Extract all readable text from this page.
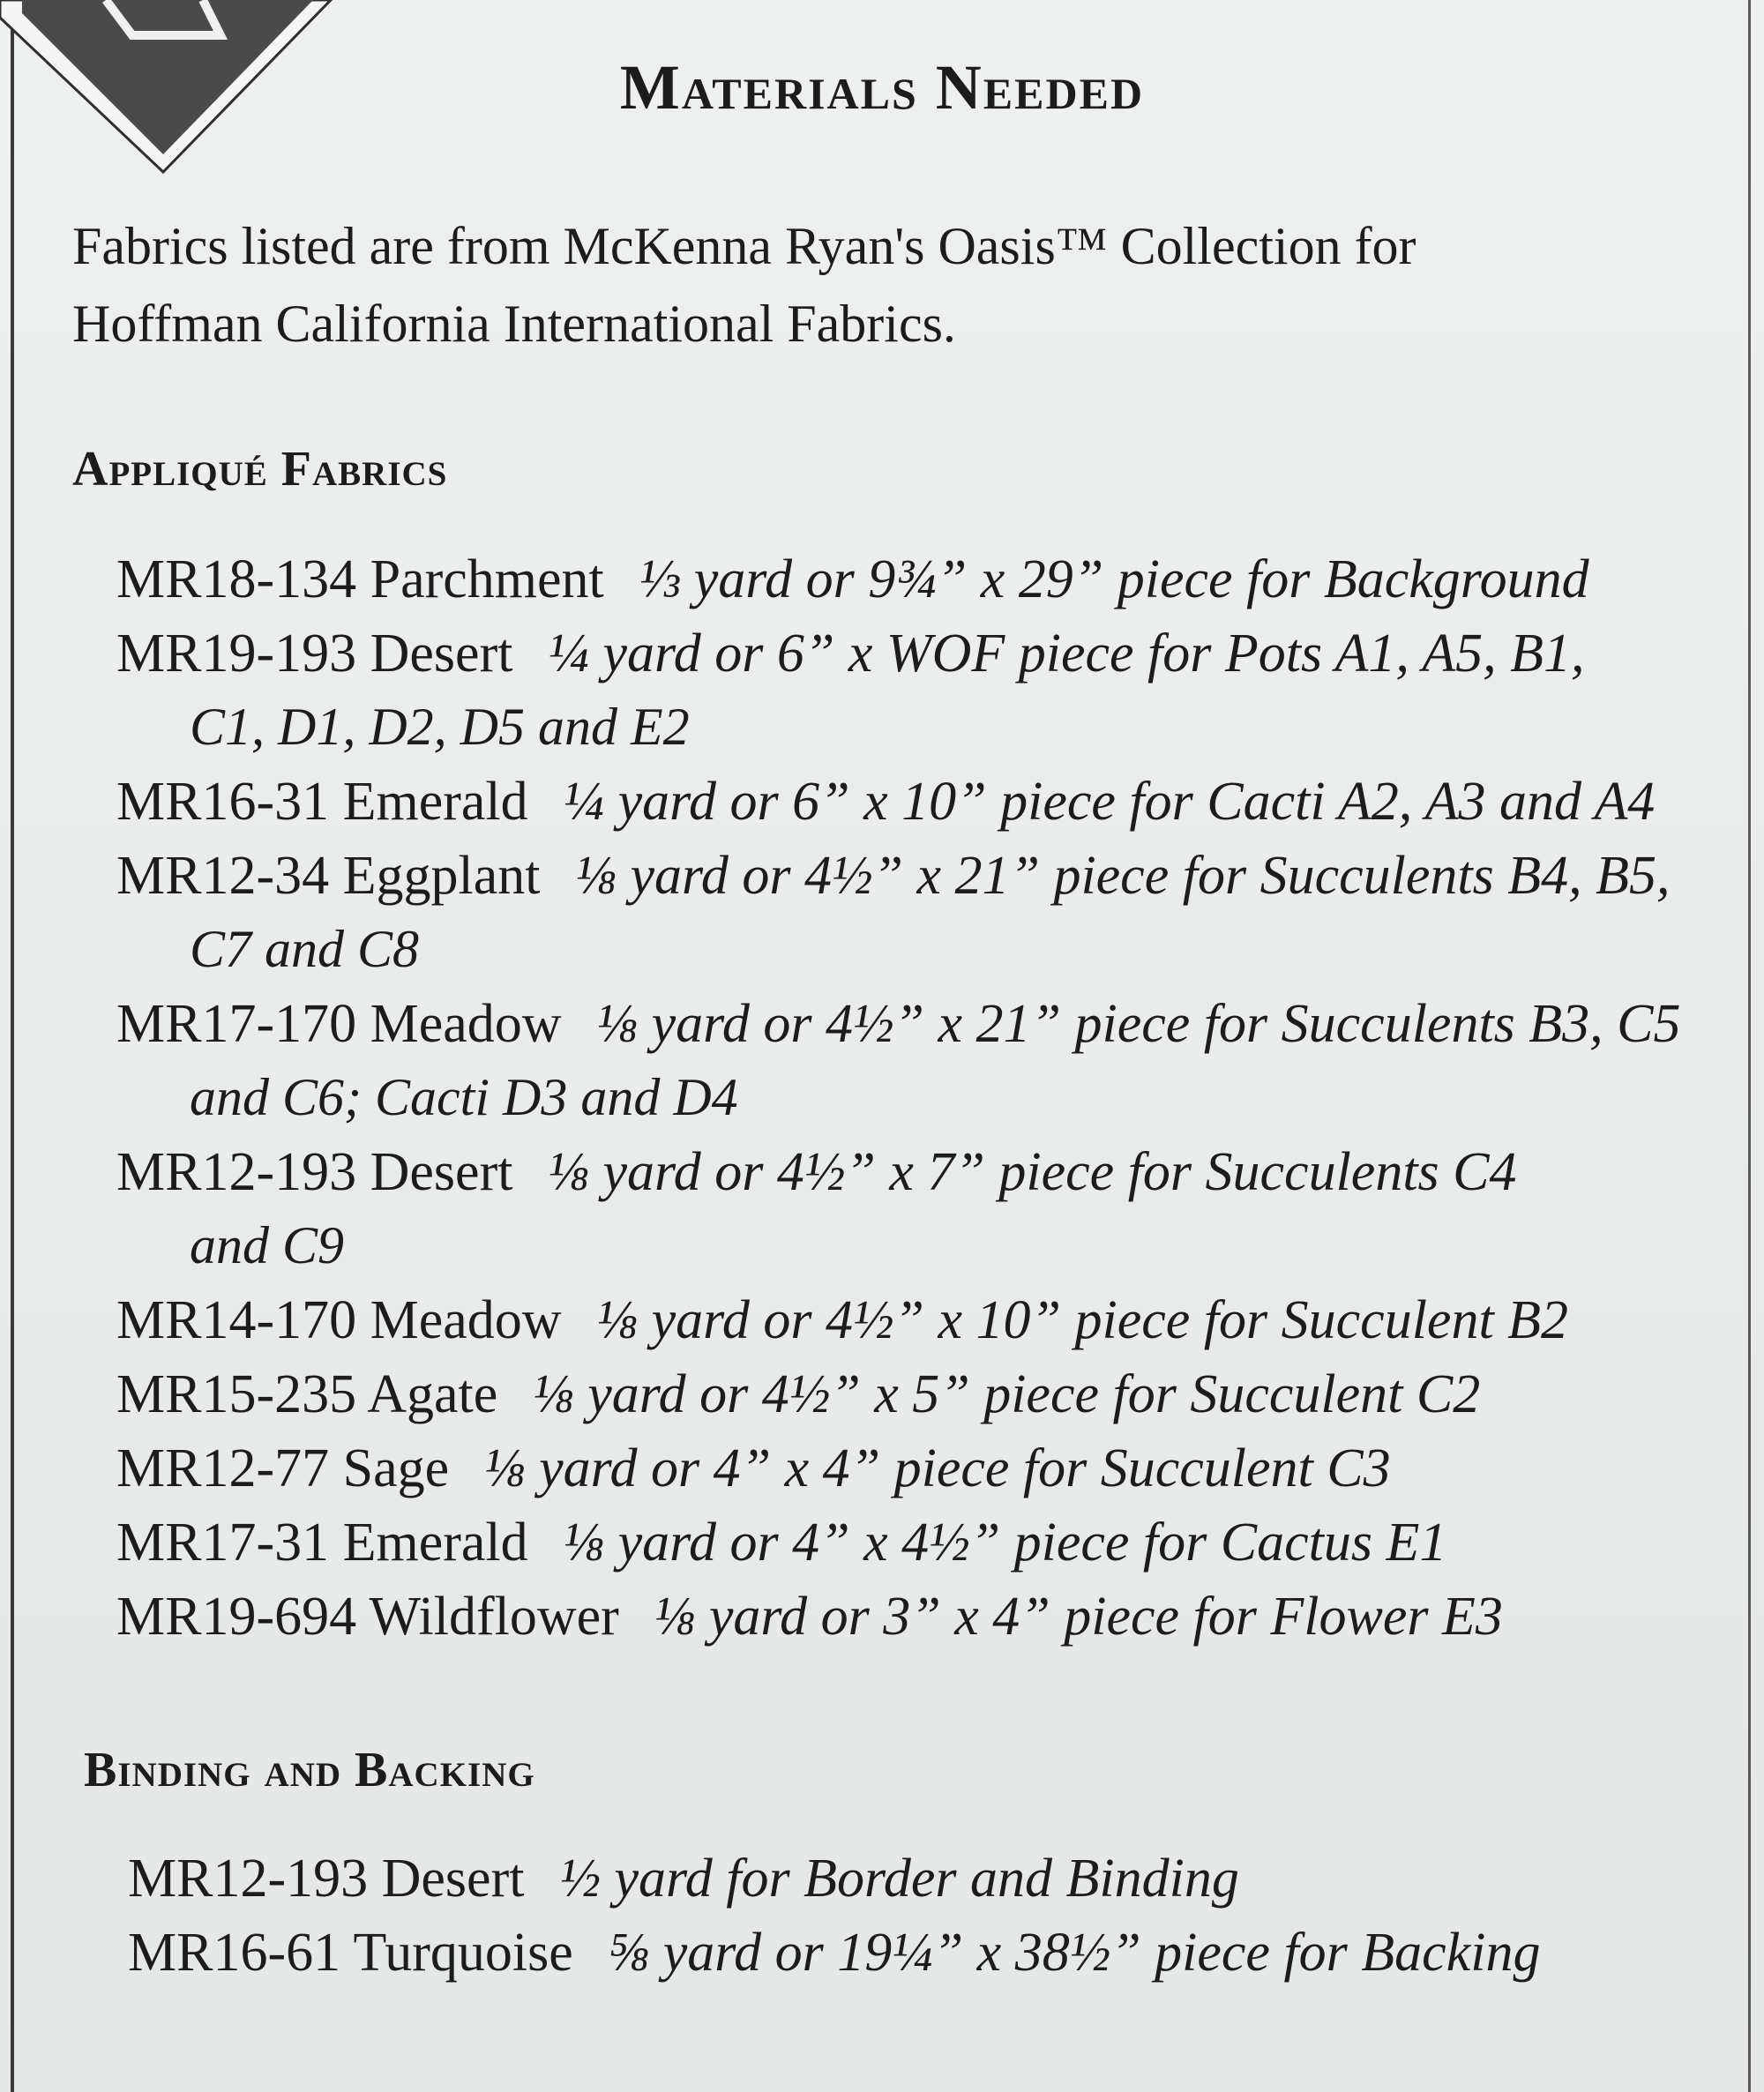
Materials Needed
Fabrics listed are from McKenna Ryan's Oasis™ Collection for
Hoffman California International Fabrics.
Appliqué Fabrics
MR18-134 Parchment ⅓ yard or 9¾” x 29” piece for Background
MR19-193 Desert ¼ yard or 6” x WOF piece for Pots A1, A5, B1,
C1, D1, D2, D5 and E2
MR16-31 Emerald ¼ yard or 6” x 10” piece for Cacti A2, A3 and A4
MR12-34 Eggplant ⅛ yard or 4½” x 21” piece for Succulents B4, B5,
C7 and C8
MR17-170 Meadow ⅛ yard or 4½” x 21” piece for Succulents B3, C5
and C6; Cacti D3 and D4
MR12-193 Desert ⅛ yard or 4½” x 7” piece for Succulents C4
and C9
MR14-170 Meadow ⅛ yard or 4½” x 10” piece for Succulent B2
MR15-235 Agate ⅛ yard or 4½” x 5” piece for Succulent C2
MR12-77 Sage ⅛ yard or 4” x 4” piece for Succulent C3
MR17-31 Emerald ⅛ yard or 4” x 4½” piece for Cactus E1
MR19-694 Wildflower ⅛ yard or 3” x 4” piece for Flower E3
Binding and Backing
MR12-193 Desert ½ yard for Border and Binding
MR16-61 Turquoise ⅝ yard or 19¼” x 38½” piece for Backing
